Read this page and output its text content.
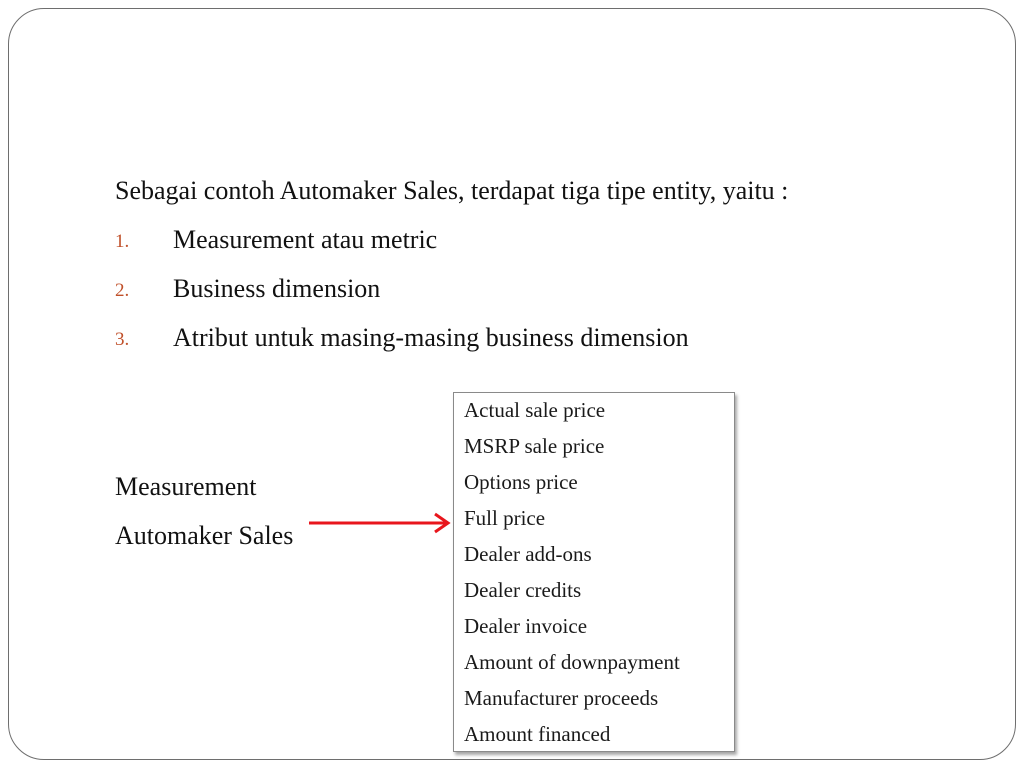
Sebagai contoh Automaker Sales, terdapat tiga tipe entity, yaitu :
1. Measurement atau metric
2. Business dimension
3. Atribut untuk masing-masing business dimension
Measurement
Automaker Sales
Actual sale price
MSRP sale price
Options price
Full price
Dealer add-ons
Dealer credits
Dealer invoice
Amount of downpayment
Manufacturer proceeds
Amount financed
